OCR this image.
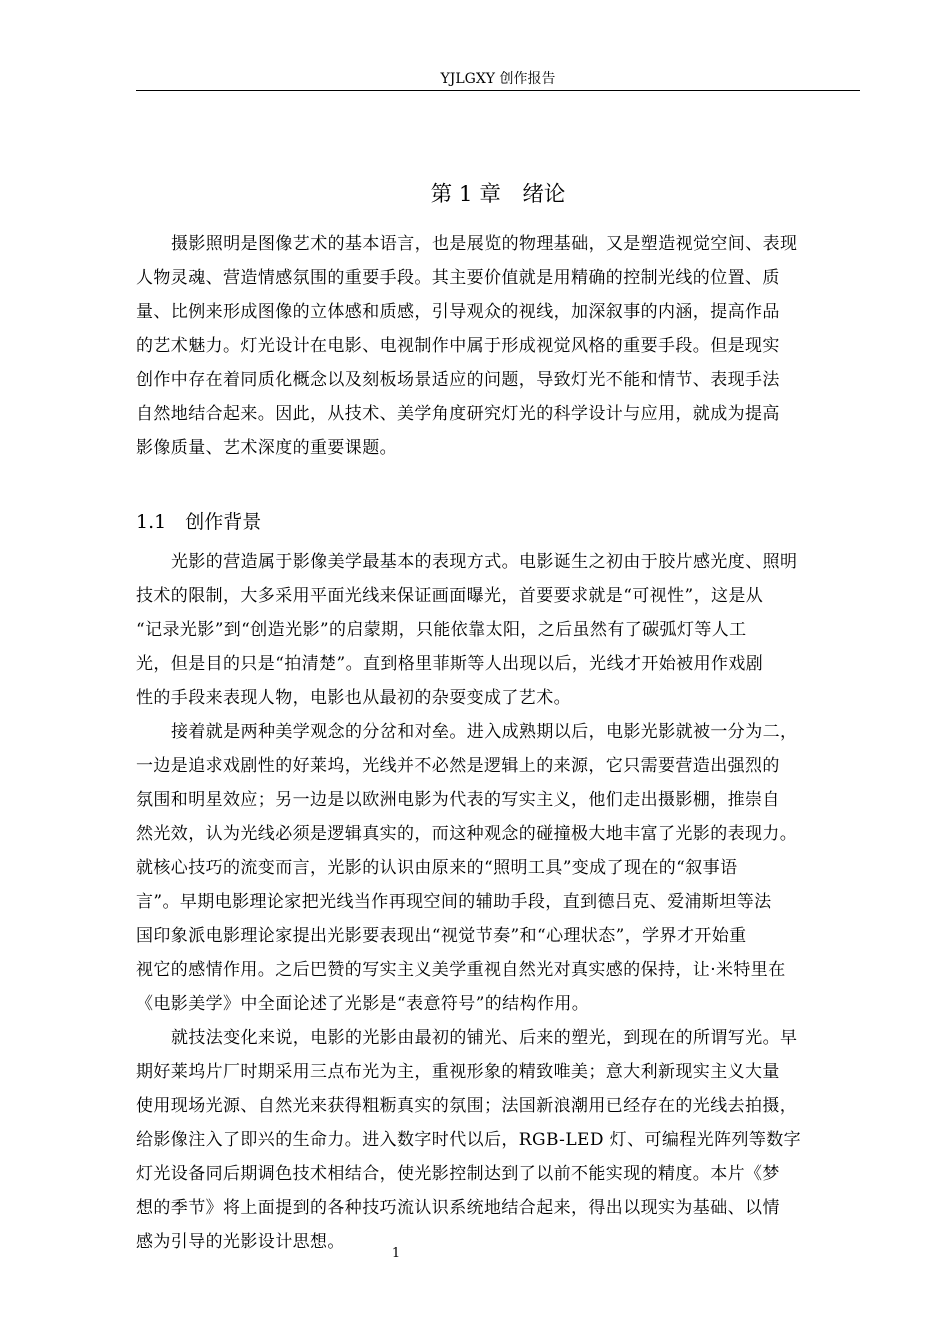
YJLGXY 创作报告
第 1 章　绪论
摄影照明是图像艺术的基本语言，也是展览的物理基础，又是塑造视觉空间、表现
人物灵魂、营造情感氛围的重要手段。其主要价值就是用精确的控制光线的位置、质
量、比例来形成图像的立体感和质感，引导观众的视线，加深叙事的内涵，提高作品
的艺术魅力。灯光设计在电影、电视制作中属于形成视觉风格的重要手段。但是现实
创作中存在着同质化概念以及刻板场景适应的问题，导致灯光不能和情节、表现手法
自然地结合起来。因此，从技术、美学角度研究灯光的科学设计与应用，就成为提高
影像质量、艺术深度的重要课题。
1.1　创作背景
光影的营造属于影像美学最基本的表现方式。电影诞生之初由于胶片感光度、照明
技术的限制，大多采用平面光线来保证画面曝光，首要要求就是“可视性”，这是从
“记录光影”到“创造光影”的启蒙期，只能依靠太阳，之后虽然有了碳弧灯等人工
光，但是目的只是“拍清楚”。直到格里菲斯等人出现以后，光线才开始被用作戏剧
性的手段来表现人物，电影也从最初的杂耍变成了艺术。
接着就是两种美学观念的分岔和对垒。进入成熟期以后，电影光影就被一分为二，
一边是追求戏剧性的好莱坞，光线并不必然是逻辑上的来源，它只需要营造出强烈的
氛围和明星效应；另一边是以欧洲电影为代表的写实主义，他们走出摄影棚，推崇自
然光效，认为光线必须是逻辑真实的，而这种观念的碰撞极大地丰富了光影的表现力。
就核心技巧的流变而言，光影的认识由原来的“照明工具”变成了现在的“叙事语
言”。早期电影理论家把光线当作再现空间的辅助手段，直到德吕克、爱浦斯坦等法
国印象派电影理论家提出光影要表现出“视觉节奏”和“心理状态”，学界才开始重
视它的感情作用。之后巴赞的写实主义美学重视自然光对真实感的保持，让·米特里在
《电影美学》中全面论述了光影是“表意符号”的结构作用。
就技法变化来说，电影的光影由最初的铺光、后来的塑光，到现在的所谓写光。早
期好莱坞片厂时期采用三点布光为主，重视形象的精致唯美；意大利新现实主义大量
使用现场光源、自然光来获得粗粝真实的氛围；法国新浪潮用已经存在的光线去拍摄，
给影像注入了即兴的生命力。进入数字时代以后，RGB-LED 灯、可编程光阵列等数字
灯光设备同后期调色技术相结合，使光影控制达到了以前不能实现的精度。本片《梦
想的季节》将上面提到的各种技巧流认识系统地结合起来，得出以现实为基础、以情
感为引导的光影设计思想。
1
